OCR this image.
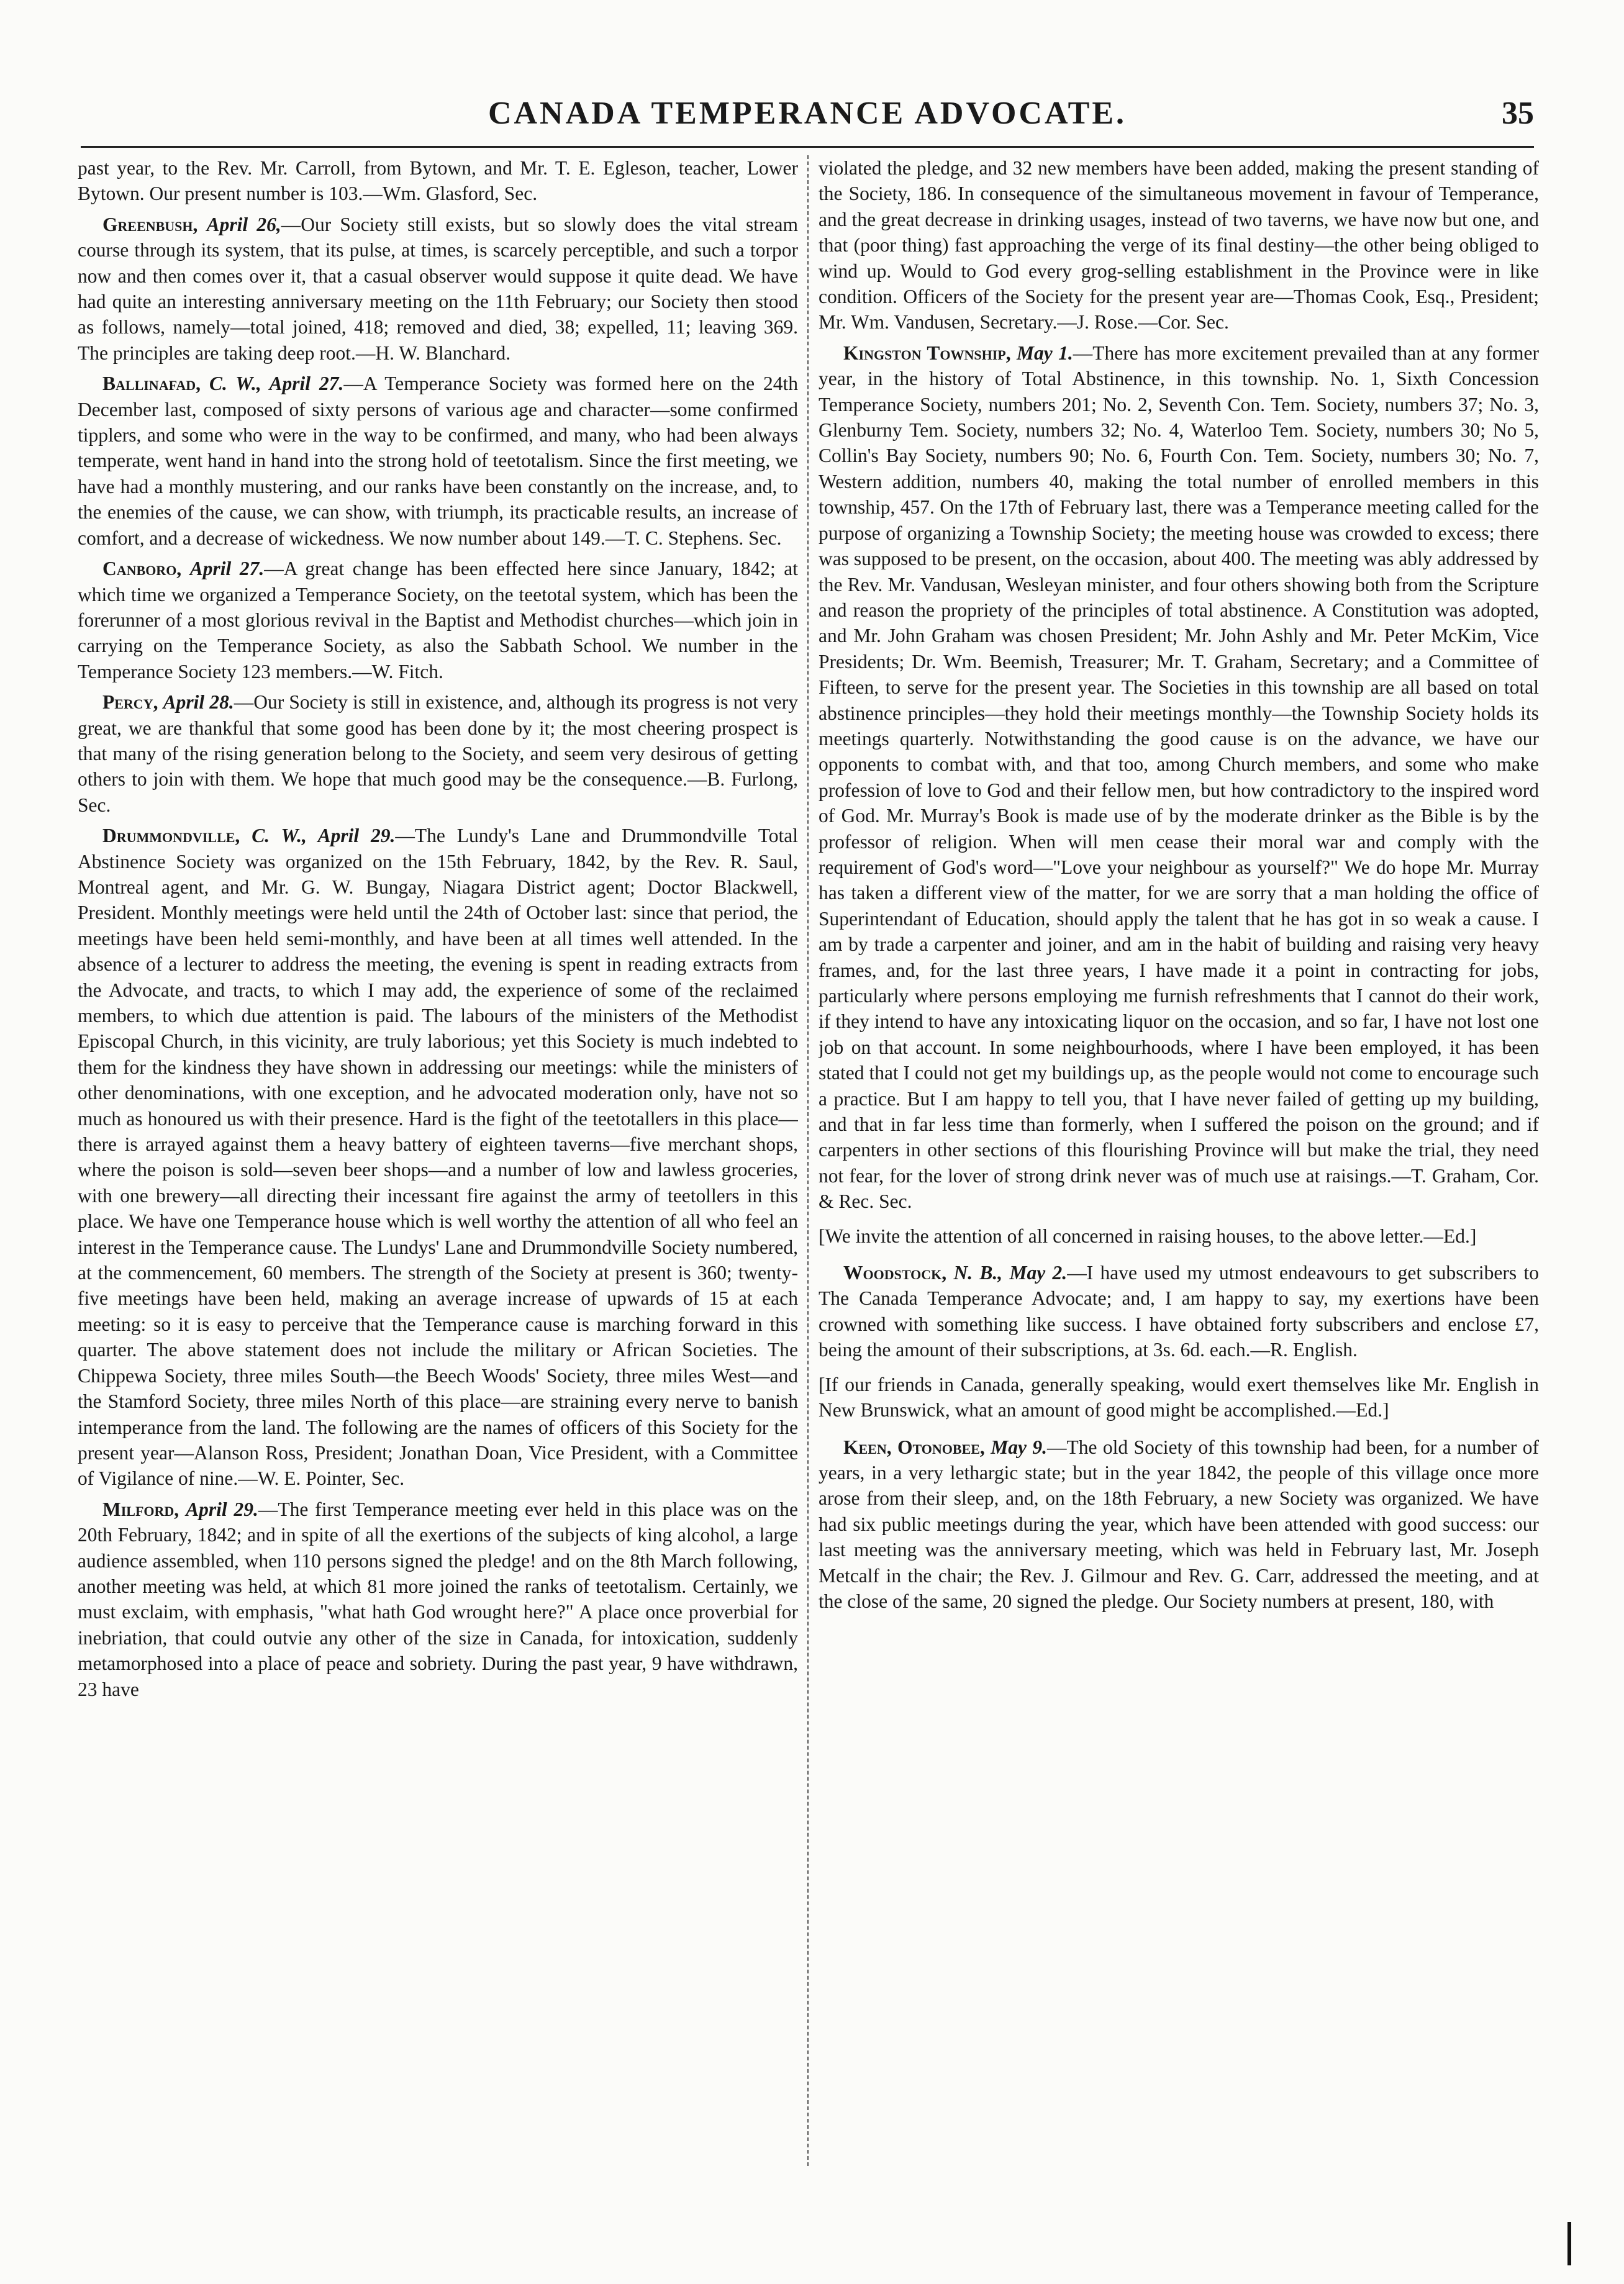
CANADA TEMPERANCE ADVOCATE.	35

past year, to the Rev. Mr. Carroll, from Bytown, and Mr. T. E. Egleson, teacher, Lower Bytown. Our present number is 103.—Wm. Glasford, Sec.

Greenbush, April 26,—Our Society still exists, but so slowly does the vital stream course through its system, that its pulse, at times, is scarcely perceptible, and such a torpor now and then comes over it, that a casual observer would suppose it quite dead. We have had quite an interesting anniversary meeting on the 11th February; our Society then stood as follows, namely—total joined, 418; removed and died, 38; expelled, 11; leaving 369. The principles are taking deep root.—H. W. Blanchard.

Ballinafad, C. W., April 27.—A Temperance Society was formed here on the 24th December last, composed of sixty persons of various age and character—some confirmed tipplers, and some who were in the way to be confirmed, and many, who had been always temperate, went hand in hand into the strong hold of teetotalism. Since the first meeting, we have had a monthly mustering, and our ranks have been constantly on the increase, and, to the enemies of the cause, we can show, with triumph, its practicable results, an increase of comfort, and a decrease of wickedness. We now number about 149.—T. C. Stephens. Sec.

Canboro, April 27.—A great change has been effected here since January, 1842; at which time we organized a Temperance Society, on the teetotal system, which has been the forerunner of a most glorious revival in the Baptist and Methodist churches—which join in carrying on the Temperance Society, as also the Sabbath School. We number in the Temperance Society 123 members.—W. Fitch.

Percy, April 28.—Our Society is still in existence, and, although its progress is not very great, we are thankful that some good has been done by it; the most cheering prospect is that many of the rising generation belong to the Society, and seem very desirous of getting others to join with them. We hope that much good may be the consequence.—B. Furlong, Sec.

Drummondville, C. W., April 29.—The Lundy's Lane and Drummondville Total Abstinence Society was organized on the 15th February, 1842, by the Rev. R. Saul, Montreal agent, and Mr. G. W. Bungay, Niagara District agent; Doctor Blackwell, President. Monthly meetings were held until the 24th of October last: since that period, the meetings have been held semi-monthly, and have been at all times well attended. In the absence of a lecturer to address the meeting, the evening is spent in reading extracts from the Advocate, and tracts, to which I may add, the experience of some of the reclaimed members, to which due attention is paid. The labours of the ministers of the Methodist Episcopal Church, in this vicinity, are truly laborious; yet this Society is much indebted to them for the kindness they have shown in addressing our meetings: while the ministers of other denominations, with one exception, and he advocated moderation only, have not so much as honoured us with their presence. Hard is the fight of the teetotallers in this place—there is arrayed against them a heavy battery of eighteen taverns—five merchant shops, where the poison is sold—seven beer shops—and a number of low and lawless groceries, with one brewery—all directing their incessant fire against the army of teetollers in this place. We have one Temperance house which is well worthy the attention of all who feel an interest in the Temperance cause. The Lundys' Lane and Drummondville Society numbered, at the commencement, 60 members. The strength of the Society at present is 360; twenty-five meetings have been held, making an average increase of upwards of 15 at each meeting: so it is easy to perceive that the Temperance cause is marching forward in this quarter. The above statement does not include the military or African Societies. The Chippewa Society, three miles South—the Beech Woods' Society, three miles West—and the Stamford Society, three miles North of this place—are straining every nerve to banish intemperance from the land. The following are the names of officers of this Society for the present year—Alanson Ross, President; Jonathan Doan, Vice President, with a Committee of Vigilance of nine.—W. E. Pointer, Sec.

Milford, April 29.—The first Temperance meeting ever held in this place was on the 20th February, 1842; and in spite of all the exertions of the subjects of king alcohol, a large audience assembled, when 110 persons signed the pledge! and on the 8th March following, another meeting was held, at which 81 more joined the ranks of teetotalism. Certainly, we must exclaim, with emphasis, "what hath God wrought here?" A place once proverbial for inebriation, that could outvie any other of the size in Canada, for intoxication, suddenly metamorphosed into a place of peace and sobriety. During the past year, 9 have withdrawn, 23 have

violated the pledge, and 32 new members have been added, making the present standing of the Society, 186. In consequence of the simultaneous movement in favour of Temperance, and the great decrease in drinking usages, instead of two taverns, we have now but one, and that (poor thing) fast approaching the verge of its final destiny—the other being obliged to wind up. Would to God every grog-selling establishment in the Province were in like condition. Officers of the Society for the present year are—Thomas Cook, Esq., President; Mr. Wm. Vandusen, Secretary.—J. Rose.—Cor. Sec.

Kingston Township, May 1.—There has more excitement prevailed than at any former year, in the history of Total Abstinence, in this township. No. 1, Sixth Concession Temperance Society, numbers 201; No. 2, Seventh Con. Tem. Society, numbers 37; No. 3, Glenburny Tem. Society, numbers 32; No. 4, Waterloo Tem. Society, numbers 30; No 5, Collin's Bay Society, numbers 90; No. 6, Fourth Con. Tem. Society, numbers 30; No. 7, Western addition, numbers 40, making the total number of enrolled members in this township, 457. On the 17th of February last, there was a Temperance meeting called for the purpose of organizing a Township Society; the meeting house was crowded to excess; there was supposed to be present, on the occasion, about 400. The meeting was ably addressed by the Rev. Mr. Vandusan, Wesleyan minister, and four others showing both from the Scripture and reason the propriety of the principles of total abstinence. A Constitution was adopted, and Mr. John Graham was chosen President; Mr. John Ashly and Mr. Peter McKim, Vice Presidents; Dr. Wm. Beemish, Treasurer; Mr. T. Graham, Secretary; and a Committee of Fifteen, to serve for the present year. The Societies in this township are all based on total abstinence principles—they hold their meetings monthly—the Township Society holds its meetings quarterly. Notwithstanding the good cause is on the advance, we have our opponents to combat with, and that too, among Church members, and some who make profession of love to God and their fellow men, but how contradictory to the inspired word of God. Mr. Murray's Book is made use of by the moderate drinker as the Bible is by the professor of religion. When will men cease their moral war and comply with the requirement of God's word—"Love your neighbour as yourself?" We do hope Mr. Murray has taken a different view of the matter, for we are sorry that a man holding the office of Superintendant of Education, should apply the talent that he has got in so weak a cause. I am by trade a carpenter and joiner, and am in the habit of building and raising very heavy frames, and, for the last three years, I have made it a point in contracting for jobs, particularly where persons employing me furnish refreshments that I cannot do their work, if they intend to have any intoxicating liquor on the occasion, and so far, I have not lost one job on that account. In some neighbourhoods, where I have been employed, it has been stated that I could not get my buildings up, as the people would not come to encourage such a practice. But I am happy to tell you, that I have never failed of getting up my building, and that in far less time than formerly, when I suffered the poison on the ground; and if carpenters in other sections of this flourishing Province will but make the trial, they need not fear, for the lover of strong drink never was of much use at raisings.—T. Graham, Cor. & Rec. Sec.

[We invite the attention of all concerned in raising houses, to the above letter.—Ed.]

Woodstock, N. B., May 2.—I have used my utmost endeavours to get subscribers to The Canada Temperance Advocate; and, I am happy to say, my exertions have been crowned with something like success. I have obtained forty subscribers and enclose £7, being the amount of their subscriptions, at 3s. 6d. each.—R. English.

[If our friends in Canada, generally speaking, would exert themselves like Mr. English in New Brunswick, what an amount of good might be accomplished.—Ed.]

Keen, Otonobee, May 9.—The old Society of this township had been, for a number of years, in a very lethargic state; but in the year 1842, the people of this village once more arose from their sleep, and, on the 18th February, a new Society was organized. We have had six public meetings during the year, which have been attended with good success: our last meeting was the anniversary meeting, which was held in February last, Mr. Joseph Metcalf in the chair; the Rev. J. Gilmour and Rev. G. Carr, addressed the meeting, and at the close of the same, 20 signed the pledge. Our Society numbers at present, 180, with
